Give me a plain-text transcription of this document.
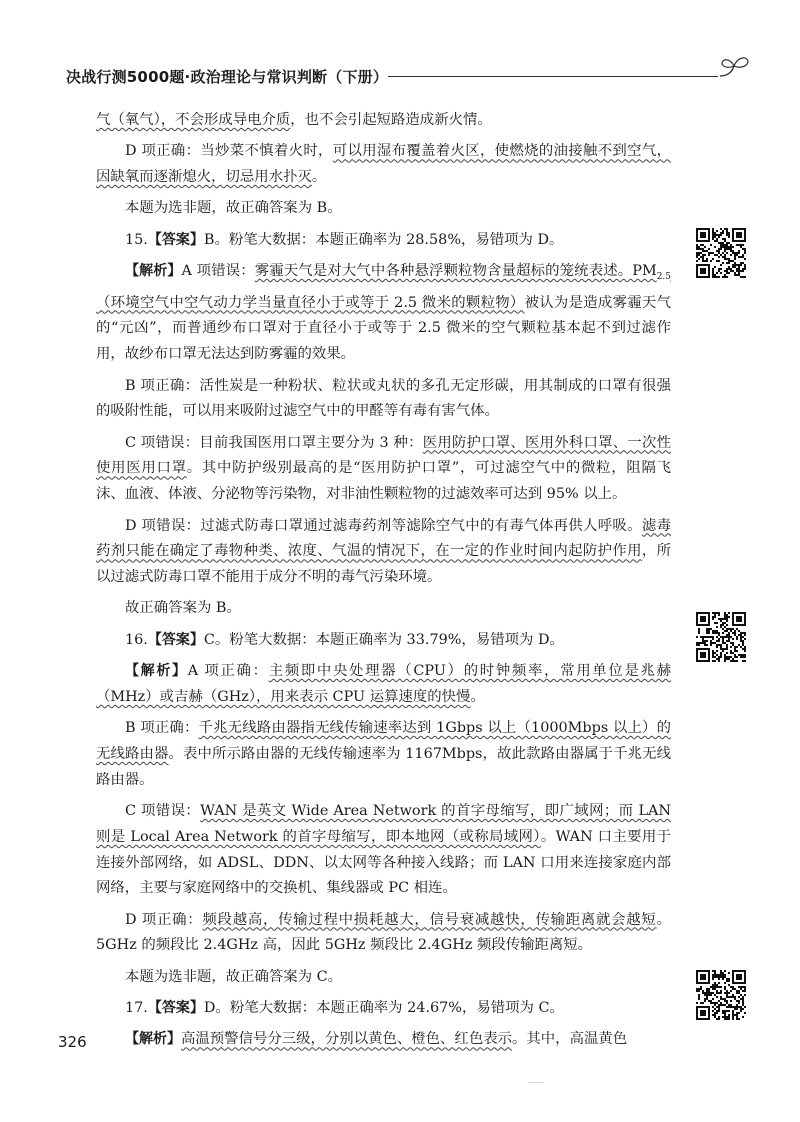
决战行测5000题·政治理论与常识判断（下册）

气（氧气），不会形成导电介质，也不会引起短路造成新火情。

D 项正确：当炒菜不慎着火时，可以用湿布覆盖着火区，使燃烧的油接触不到空气，因缺氧而逐渐熄火，切忌用水扑灭。

本题为选非题，故正确答案为 B。

15.【答案】B。粉笔大数据：本题正确率为 28.58%，易错项为 D。

【解析】A 项错误：雾霾天气是对大气中各种悬浮颗粒物含量超标的笼统表述。$PM_{2.5}$（环境空气中空气动力学当量直径小于或等于 2.5 微米的颗粒物）被认为是造成雾霾天气的“元凶”，而普通纱布口罩对于直径小于或等于 2.5 微米的空气颗粒基本起不到过滤作用，故纱布口罩无法达到防雾霾的效果。

B 项正确：活性炭是一种粉状、粒状或丸状的多孔无定形碳，用其制成的口罩有很强的吸附性能，可以用来吸附过滤空气中的甲醛等有毒有害气体。

C 项错误：目前我国医用口罩主要分为 3 种：医用防护口罩、医用外科口罩、一次性使用医用口罩。其中防护级别最高的是“医用防护口罩”，可过滤空气中的微粒，阻隔飞沫、血液、体液、分泌物等污染物，对非油性颗粒物的过滤效率可达到 95% 以上。

D 项错误：过滤式防毒口罩通过滤毒药剂等滤除空气中的有毒气体再供人呼吸。滤毒药剂只能在确定了毒物种类、浓度、气温的情况下，在一定的作业时间内起防护作用，所以过滤式防毒口罩不能用于成分不明的毒气污染环境。

故正确答案为 B。

16.【答案】C。粉笔大数据：本题正确率为 33.79%，易错项为 D。

【解析】A 项正确：主频即中央处理器（CPU）的时钟频率，常用单位是兆赫（MHz）或吉赫（GHz），用来表示 CPU 运算速度的快慢。

B 项正确：千兆无线路由器指无线传输速率达到 1Gbps 以上（1000Mbps 以上）的无线路由器。表中所示路由器的无线传输速率为 1167Mbps，故此款路由器属于千兆无线路由器。

C 项错误：WAN 是英文 Wide Area Network 的首字母缩写，即广域网；而 LAN 则是 Local Area Network 的首字母缩写，即本地网（或称局域网）。WAN 口主要用于连接外部网络，如 ADSL、DDN、以太网等各种接入线路；而 LAN 口用来连接家庭内部网络，主要与家庭网络中的交换机、集线器或 PC 相连。

D 项正确：频段越高，传输过程中损耗越大，信号衰减越快，传输距离就会越短。5GHz 的频段比 2.4GHz 高，因此 5GHz 频段比 2.4GHz 频段传输距离短。

本题为选非题，故正确答案为 C。

17.【答案】D。粉笔大数据：本题正确率为 24.67%，易错项为 C。

【解析】高温预警信号分三级，分别以黄色、橙色、红色表示。其中，高温黄色

326
